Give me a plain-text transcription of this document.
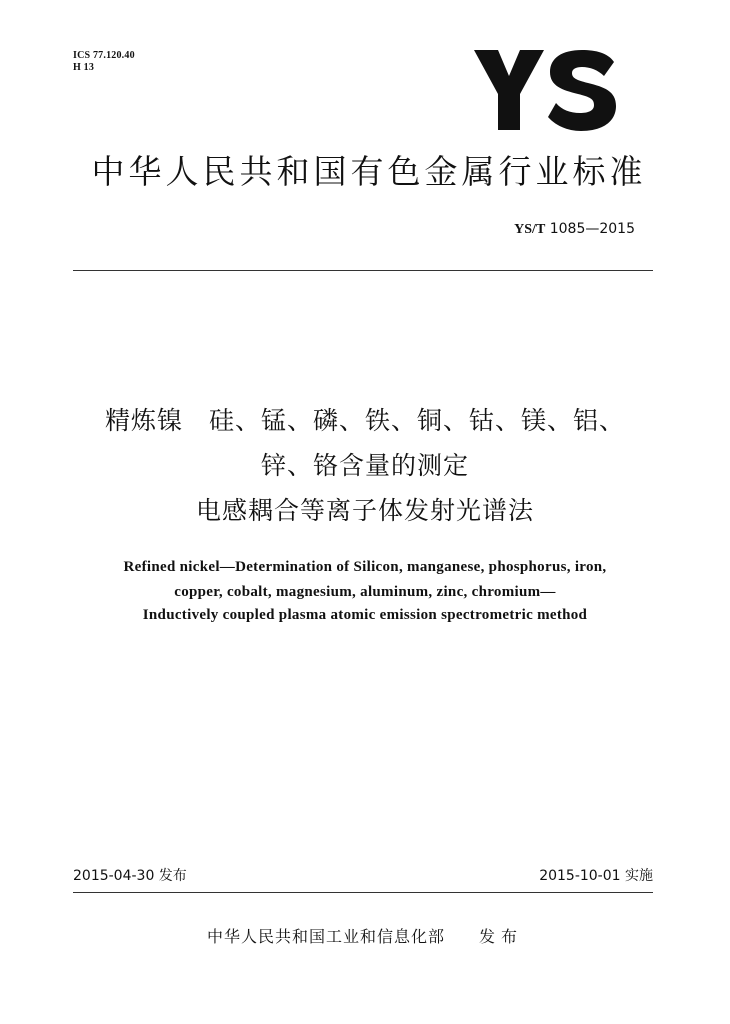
ICS 77.120.40
H 13
中华人民共和国有色金属行业标准
YS/T 1085—2015
精炼镍　硅、锰、磷、铁、铜、钴、镁、铝、
锌、铬含量的测定
电感耦合等离子体发射光谱法
Refined nickel—Determination of Silicon, manganese, phosphorus, iron,
copper, cobalt, magnesium, aluminum, zinc, chromium—
Inductively coupled plasma atomic emission spectrometric method
2015-04-30 发布	2015-10-01 实施
中华人民共和国工业和信息化部 发布
